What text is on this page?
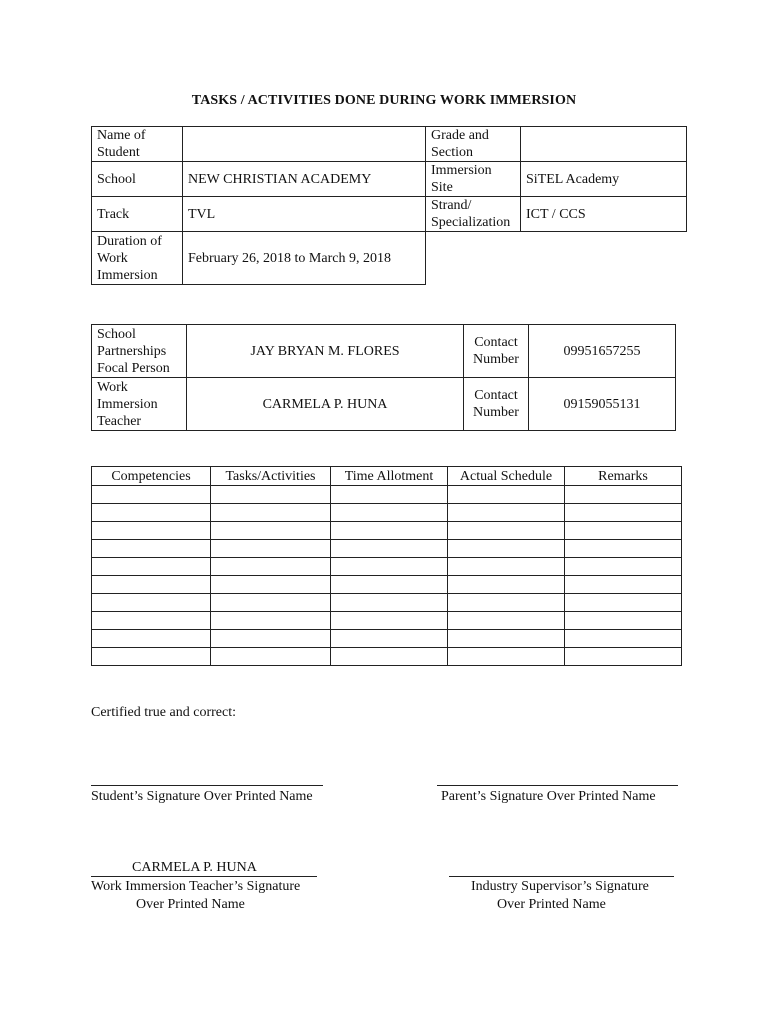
TASKS / ACTIVITIES DONE DURING WORK IMMERSION
Name of Student		Grade and Section	
School	NEW CHRISTIAN ACADEMY	Immersion Site	SiTEL Academy
Track	TVL	Strand/ Specialization	ICT / CCS
Duration of Work Immersion	February 26, 2018 to March 9, 2018		
School Partnerships Focal Person	JAY BRYAN M. FLORES	Contact Number	09951657255
Work Immersion Teacher	CARMELA P. HUNA	Contact Number	09159055131
Competencies	Tasks/Activities	Time Allotment	Actual Schedule	Remarks

Certified true and correct:
Student’s Signature Over Printed Name	Parent’s Signature Over Printed Name
CARMELA P. HUNA
Work Immersion Teacher’s Signature
Over Printed Name
Industry Supervisor’s Signature
Over Printed Name
